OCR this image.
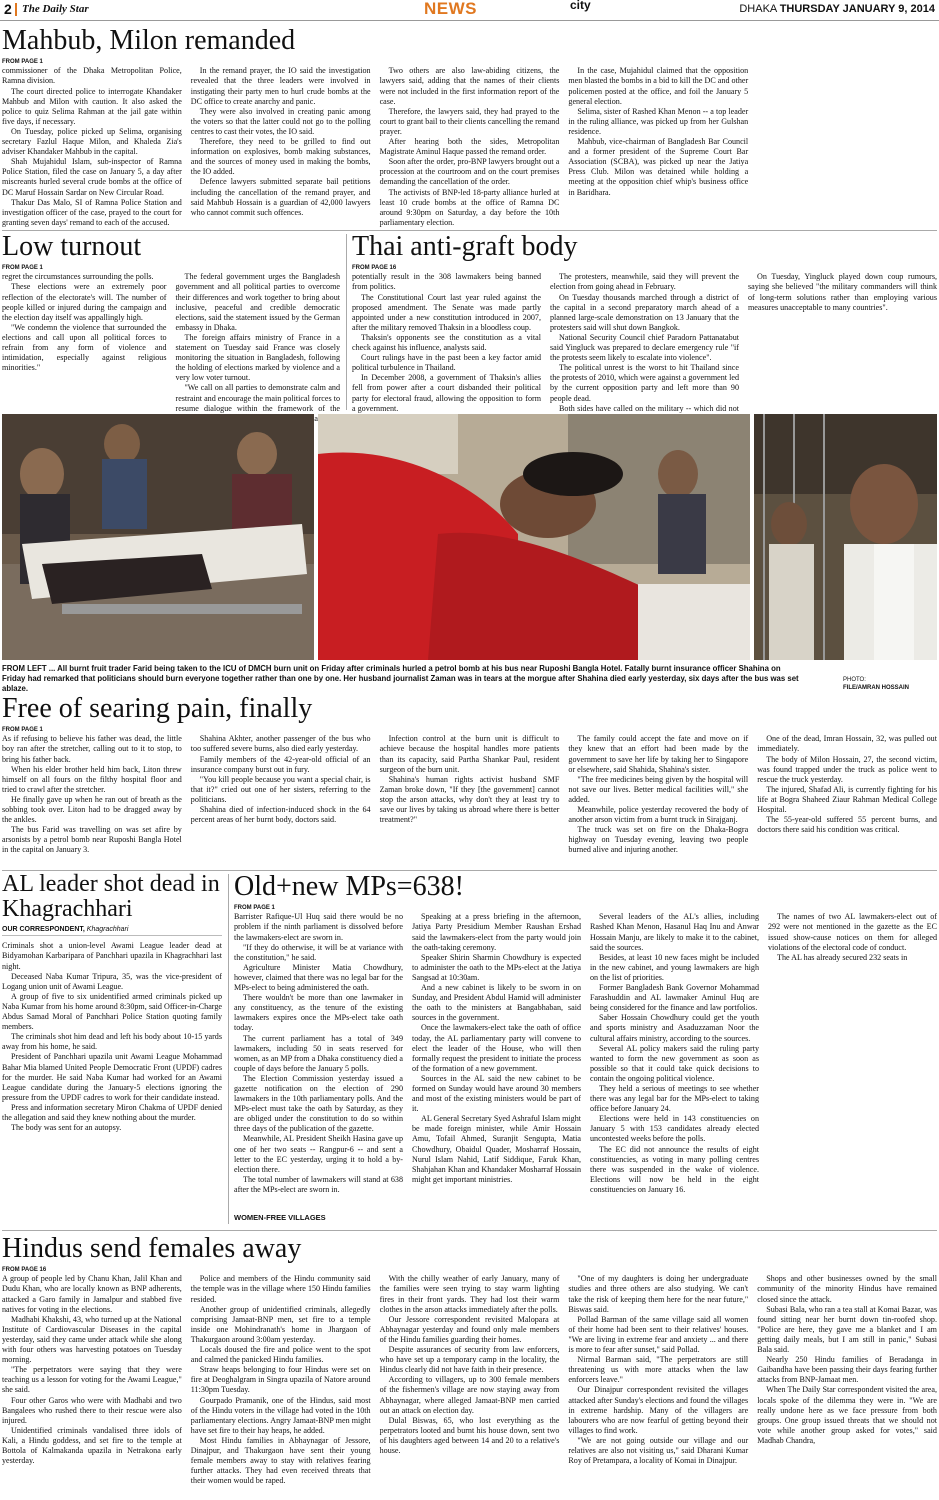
2 The Daily Star	NEWS	city	DHAKA THURSDAY JANUARY 9, 2014
Mahbub, Milon remanded
FROM PAGE 1

commissioner of the Dhaka Metropolitan Police, Ramna division.

The court directed police to interrogate Khandaker Mahbub and Milon with caution. It also asked the police to quiz Selima Rahman at the jail gate within five days, if necessary.

On Tuesday, police picked up Selima, organising secretary Fazlul Haque Milon, and Khaleda Zia's adviser Khandaker Mahbub in the capital.

Shah Mujahidul Islam, sub-inspector of Ramna Police Station, filed the case on January 5, a day after miscreants hurled several crude bombs at the office of DC Maruf Hossain Sardar on New Circular Road.

Thakur Das Malo, SI of Ramna Police Station and investigation officer of the case, prayed to the court for granting seven days' remand to each of the accused.

In the remand prayer, the IO said the investigation revealed that the three leaders were involved in instigating their party men to hurl crude bombs at the DC office to create anarchy and panic.

They were also involved in creating panic among the voters so that the latter could not go to the polling centres to cast their votes, the IO said.

Therefore, they need to be grilled to find out information on explosives, bomb making substances, and the sources of money used in making the bombs, the IO added.

Defence lawyers submitted separate bail petitions including the cancellation of the remand prayer, and said Mahbub Hossain is a guardian of 42,000 lawyers who cannot commit such offences.

Two others are also law-abiding citizens, the lawyers said, adding that the names of their clients were not included in the first information report of the case.

Therefore, the lawyers said, they had prayed to the court to grant bail to their clients cancelling the remand prayer.

After hearing both the sides, Metropolitan Magistrate Aminul Haque passed the remand order.

Soon after the order, pro-BNP lawyers brought out a procession at the courtroom and on the court premises demanding the cancellation of the order.

The activists of BNP-led 18-party alliance hurled at least 10 crude bombs at the office of Ramna DC around 9:30pm on Saturday, a day before the 10th parliamentary election.

In the case, Mujahidul claimed that the opposition men blasted the bombs in a bid to kill the DC and other policemen posted at the office, and foil the January 5 general election.

Selima, sister of Rashed Khan Menon -- a top leader in the ruling alliance, was picked up from her Gulshan residence.

Mahbub, vice-chairman of Bangladesh Bar Council and a former president of the Supreme Court Bar Association (SCBA), was picked up near the Jatiya Press Club. Milon was detained while holding a meeting at the opposition chief whip's business office in Baridhara.

Low turnout
FROM PAGE 1

regret the circumstances surrounding the polls.

These elections were an extremely poor reflection of the electorate's will. The number of people killed or injured during the campaign and the election day itself was appallingly high.

"We condemn the violence that surrounded the elections and call upon all political forces to refrain from any form of violence and intimidation, especially against religious minorities."

The federal government urges the Bangladesh government and all political parties to overcome their differences and work together to bring about inclusive, peaceful and credible democratic elections, said the statement issued by the German embassy in Dhaka.

The foreign affairs ministry of France in a statement on Tuesday said France was closely monitoring the situation in Bangladesh, following the holding of elections marked by violence and a very low voter turnout.

"We call on all parties to demonstrate calm and restraint and encourage the main political forces to resume dialogue within the framework of the

Thai anti-graft body
FROM PAGE 16

potentially result in the 308 lawmakers being banned from politics.

The Constitutional Court last year ruled against the proposed amendment. The Senate was made partly appointed under a new constitution introduced in 2007, after the military removed Thaksin in a bloodless coup.

Thaksin's opponents see the constitution as a vital check against his influence, analysts said.

Court rulings have in the past been a key factor amid political turbulence in Thailand.

In December 2008, a government of Thaksin's allies fell from power after a court disbanded their political party for electoral fraud, allowing the opposition to form a government.

The protesters, meanwhile, said they will prevent the election from going ahead in February.

On Tuesday thousands marched through a district of the capital in a second preparatory march ahead of a planned large-scale demonstration on 13 January that the protesters said will shut down Bangkok.

National Security Council chief Paradorn Pattanatabut said Yingluck was prepared to declare emergency rule "if the protests seem likely to escalate into violence".

The political unrest is the worst to hit Thailand since the protests of 2010, which were against a government led by the current opposition party and left more than 90 people dead.

Both sides have called on the military -- which did not

On Tuesday, Yingluck played down coup rumours, saying she believed "the military commanders will think of long-term solutions rather than employing various measures unacceptable to many countries".

FROM LEFT ... All burnt fruit trader Farid being taken to the ICU of DMCH burn unit on Friday after criminals hurled a petrol bomb at his bus near Ruposhi Bangla Hotel. Fatally burnt insurance officer Shahina on Friday had remarked that politicians should burn everyone together rather than one by one. Her husband journalist Zaman was in tears at the morgue after Shahina died early yesterday, six days after the bus was set ablaze.
PHOTO:
FILE/AMRAN HOSSAIN
Free of searing pain, finally
FROM PAGE 1

As if refusing to believe his father was dead, the little boy ran after the stretcher, calling out to it to stop, to bring his father back.

When his elder brother held him back, Liton threw himself on all fours on the filthy hospital floor and tried to crawl after the stretcher.

He finally gave up when he ran out of breath as the sobbing took over. Liton had to be dragged away by the ankles.

The bus Farid was travelling on was set afire by arsonists by a petrol bomb near Ruposhi Bangla Hotel in the capital on January 3.

Shahina Akhter, another passenger of the bus who too suffered severe burns, also died early yesterday.

Family members of the 42-year-old official of an insurance company burst out in fury.

"You kill people because you want a special chair, is that it?" cried out one of her sisters, referring to the politicians.

Shahina died of infection-induced shock in the 64 percent areas of her burnt body, doctors said.

Infection control at the burn unit is difficult to achieve because the hospital handles more patients than its capacity, said Partha Shankar Paul, resident surgeon of the burn unit.

Shahina's human rights activist husband SMF Zaman broke down, "If they [the government] cannot stop the arson attacks, why don't they at least try to save our lives by taking us abroad where there is better treatment?"

The family could accept the fate and move on if they knew that an effort had been made by the government to save her life by taking her to Singapore or elsewhere, said Shahida, Shahina's sister.

"The free medicines being given by the hospital will not save our lives. Better medical facilities will," she added.

Meanwhile, police yesterday recovered the body of another arson victim from a burnt truck in Sirajganj.

The truck was set on fire on the Dhaka-Bogra highway on Tuesday evening, leaving two people burned alive and injuring another.

One of the dead, Imran Hossain, 32, was pulled out immediately.

The body of Milon Hossain, 27, the second victim, was found trapped under the truck as police went to rescue the truck yesterday.

The injured, Shafad Ali, is currently fighting for his life at Bogra Shaheed Ziaur Rahman Medical College Hospital.

The 55-year-old suffered 55 percent burns, and doctors there said his condition was critical.

AL leader shot dead in Khagrachhari
OUR CORRESPONDENT, Khagrachhari

Criminals shot a union-level Awami League leader dead at Bidyamohan Karbaripara of Panchhari upazila in Khagrachhari last night.

Deceased Naba Kumar Tripura, 35, was the vice-president of Logang union unit of Awami League.

A group of five to six unidentified armed criminals picked up Naba Kumar from his home around 8:30pm, said Officer-in-Charge Abdus Samad Moral of Panchhari Police Station quoting family members.

The criminals shot him dead and left his body about 10-15 yards away from his home, he said.

President of Panchhari upazila unit Awami League Mohammad Bahar Mia blamed United People Democratic Front (UPDF) cadres for the murder. He said Naba Kumar had worked for an Awami League candidate during the January-5 elections ignoring the pressure from the UPDF cadres to work for their candidate instead.

Press and information secretary Miron Chakma of UPDF denied the allegation and said they knew nothing about the murder.

The body was sent for an autopsy.

Old+new MPs=638!
FROM PAGE 1

Barrister Rafique-Ul Huq said there would be no problem if the ninth parliament is dissolved before the lawmakers-elect are sworn in.

"If they do otherwise, it will be at variance with the constitution," he said.

Agriculture Minister Matia Chowdhury, however, claimed that there was no legal bar for the MPs-elect to being administered the oath.

There wouldn't be more than one lawmaker in any constituency, as the tenure of the existing lawmakers expires once the MPs-elect take oath today.

The current parliament has a total of 349 lawmakers, including 50 in seats reserved for women, as an MP from a Dhaka constituency died a couple of days before the January 5 polls.

The Election Commission yesterday issued a gazette notification on the election of 290 lawmakers in the 10th parliamentary polls. And the MPs-elect must take the oath by Saturday, as they are obliged under the constitution to do so within three days of the publication of the gazette.

Meanwhile, AL President Sheikh Hasina gave up one of her two seats -- Rangpur-6 -- and sent a letter to the EC yesterday, urging it to hold a by-election there.

The total number of lawmakers will stand at 638 after the MPs-elect are sworn in.

Speaking at a press briefing in the afternoon, Jatiya Party Presidium Member Raushan Ershad said the lawmakers-elect from the party would join the oath-taking ceremony.

Speaker Shirin Sharmin Chowdhury is expected to administer the oath to the MPs-elect at the Jatiya Sangsad at 10:30am.

And a new cabinet is likely to be sworn in on Sunday, and President Abdul Hamid will administer the oath to the ministers at Bangabhaban, said sources in the government.

Once the lawmakers-elect take the oath of office today, the AL parliamentary party will convene to elect the leader of the House, who will then formally request the president to initiate the process of the formation of a new government.

Sources in the AL said the new cabinet to be formed on Sunday would have around 30 members and most of the existing ministers would be part of it.

AL General Secretary Syed Ashraful Islam might be made foreign minister, while Amir Hossain Amu, Tofail Ahmed, Suranjit Sengupta, Matia Chowdhury, Obaidul Quader, Mosharraf Hossain, Nurul Islam Nahid, Latif Siddique, Faruk Khan, Shahjahan Khan and Khandaker Mosharraf Hossain might get important ministries.

Several leaders of the AL's allies, including Rashed Khan Menon, Hasanul Haq Inu and Anwar Hossain Manju, are likely to make it to the cabinet, said the sources.

Besides, at least 10 new faces might be included in the new cabinet, and young lawmakers are high on the list of priorities.

Former Bangladesh Bank Governor Mohammad Farashuddin and AL lawmaker Aminul Huq are being considered for the finance and law portfolios.

Saber Hossain Chowdhury could get the youth and sports ministry and Asaduzzaman Noor the cultural affairs ministry, according to the sources.

Several AL policy makers said the ruling party wanted to form the new government as soon as possible so that it could take quick decisions to contain the ongoing political violence.

They held a serious of meetings to see whether there was any legal bar for the MPs-elect to taking office before January 24.

Elections were held in 143 constituencies on January 5 with 153 candidates already elected uncontested weeks before the polls.

The EC did not announce the results of eight constituencies, as voting in many polling centres there was suspended in the wake of violence. Elections will now be held in the eight constituencies on January 16.

The names of two AL lawmakers-elect out of 292 were not mentioned in the gazette as the EC issued show-cause notices on them for alleged violations of the electoral code of conduct.

The AL has already secured 232 seats in

WOMEN-FREE VILLAGES
Hindus send females away
FROM PAGE 16

A group of people led by Chanu Khan, Jalil Khan and Dudu Khan, who are locally known as BNP adherents, attacked a Garo family in Jamalpur and stabbed five natives for voting in the elections.

Madhabi Khakshi, 43, who turned up at the National Institute of Cardiovascular Diseases in the capital yesterday, said they came under attack while she along with four others was harvesting potatoes on Tuesday morning.

"The perpetrators were saying that they were teaching us a lesson for voting for the Awami League," she said.

Four other Garos who were with Madhabi and two Bangalees who rushed there to their rescue were also injured.

Unidentified criminals vandalised three idols of Kali, a Hindu goddess, and set fire to the temple at Bottola of Kalmakanda upazila in Netrakona early yesterday.

Police and members of the Hindu community said the temple was in the village where 150 Hindu families resided.

Another group of unidentified criminals, allegedly comprising Jamaat-BNP men, set fire to a temple inside one Mohindranath's home in Jhargaon of Thakurgaon around 3:00am yesterday.

Locals doused the fire and police went to the spot and calmed the panicked Hindu families.

Straw heaps belonging to four Hindus were set on fire at Deoghalgram in Singra upazila of Natore around 11:30pm Tuesday.

Gourpado Pramanik, one of the Hindus, said most of the Hindu voters in the village had voted in the 10th parliamentary elections. Angry Jamaat-BNP men might have set fire to their hay heaps, he added.

Most Hindu families in Abhaynagar of Jessore, Dinajpur, and Thakurgaon have sent their young female members away to stay with relatives fearing further attacks. They had even received threats that their women would be raped.

With the chilly weather of early January, many of the families were seen trying to stay warm lighting fires in their front yards. They had lost their warm clothes in the arson attacks immediately after the polls.

Our Jessore correspondent revisited Malopara at Abhaynagar yesterday and found only male members of the Hindu families guarding their homes.

Despite assurances of security from law enforcers, who have set up a temporary camp in the locality, the Hindus clearly did not have faith in their presence.

According to villagers, up to 300 female members of the fishermen's village are now staying away from Abhaynagar, where alleged Jamaat-BNP men carried out an attack on election day.

Dulal Biswas, 65, who lost everything as the perpetrators looted and burnt his house down, sent two of his daughters aged between 14 and 20 to a relative's house.

"One of my daughters is doing her undergraduate studies and three others are also studying. We can't take the risk of keeping them here for the near future," Biswas said.

Pollad Barman of the same village said all women of their home had been sent to their relatives' houses. "We are living in extreme fear and anxiety ... and there is more to fear after sunset," said Pollad.

Nirmal Barman said, "The perpetrators are still threatening us with more attacks when the law enforcers leave."

Our Dinajpur correspondent revisited the villages attacked after Sunday's elections and found the villages in extreme hardship. Many of the villagers are labourers who are now fearful of getting beyond their villages to find work.

"We are not going outside our village and our relatives are also not visiting us," said Dharani Kumar Roy of Pretampara, a locality of Komai in Dinajpur.

Shops and other businesses owned by the small community of the minority Hindus have remained closed since the attack.

Subasi Bala, who ran a tea stall at Komai Bazar, was found sitting near her burnt down tin-roofed shop. "Police are here, they gave me a blanket and I am getting daily meals, but I am still in panic," Subasi Bala said.

Nearly 250 Hindu families of Beradanga in Gaibandha have been passing their days fearing further attacks from BNP-Jamaat men.

When The Daily Star correspondent visited the area, locals spoke of the dilemma they were in. "We are really undone here as we face pressure from both groups. One group issued threats that we should not vote while another group asked for votes," said Madhab Chandra,
